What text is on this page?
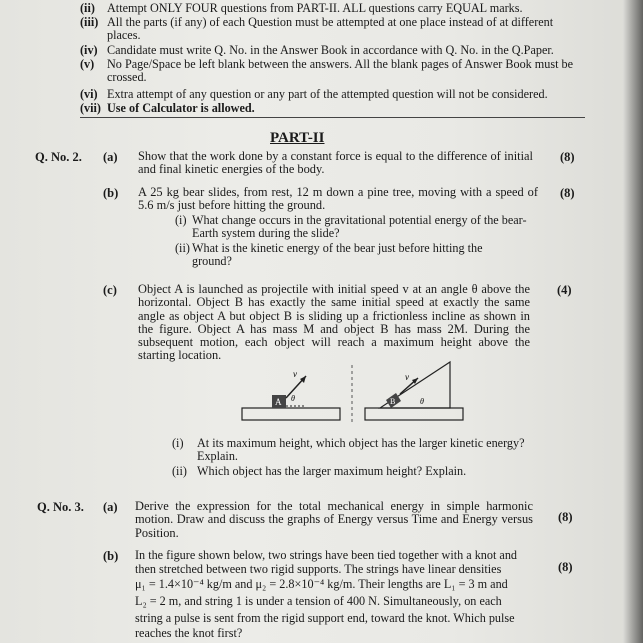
(ii) Attempt ONLY FOUR questions from PART-II. ALL questions carry EQUAL marks.
(iii) All the parts (if any) of each Question must be attempted at one place instead of at different places.
(iv) Candidate must write Q. No. in the Answer Book in accordance with Q. No. in the Q.Paper.
(v) No Page/Space be left blank between the answers. All the blank pages of Answer Book must be crossed.
(vi) Extra attempt of any question or any part of the attempted question will not be considered.
(vii) Use of Calculator is allowed.
PART-II
Q. No. 2. (a) Show that the work done by a constant force is equal to the difference of initial and final kinetic energies of the body.
(8)
(b) A 25 kg bear slides, from rest, 12 m down a pine tree, moving with a speed of 5.6 m/s just before hitting the ground.
(8)
(i) What change occurs in the gravitational potential energy of the bear-Earth system during the slide?
(ii) What is the kinetic energy of the bear just before hitting the ground?
(c) Object A is launched as projectile with initial speed v at an angle θ above the horizontal. Object B has exactly the same initial speed at exactly the same angle as object A but object B is sliding up a frictionless incline as shown in the figure. Object A has mass M and object B has mass 2M. During the subsequent motion, each object will reach a maximum height above the starting location.
(4)
A
v
θ	B
v
θ
(i) At its maximum height, which object has the larger kinetic energy? Explain.
(ii) Which object has the larger maximum height? Explain.
Q. No. 3. (a) Derive the expression for the total mechanical energy in simple harmonic motion. Draw and discuss the graphs of Energy versus Time and Energy versus Position.
(8)
(b)
(8)
In the figure shown below, two strings have been tied together with a knot and
then stretched between two rigid supports. The strings have linear densities
μ₁ = 1.4×10⁻⁴ kg/m and μ₂ = 2.8×10⁻⁴ kg/m. Their lengths are L₁ = 3 m and
L₂ = 2 m, and string 1 is under a tension of 400 N. Simultaneously, on each
string a pulse is sent from the rigid support end, toward the knot. Which pulse
reaches the knot first?
